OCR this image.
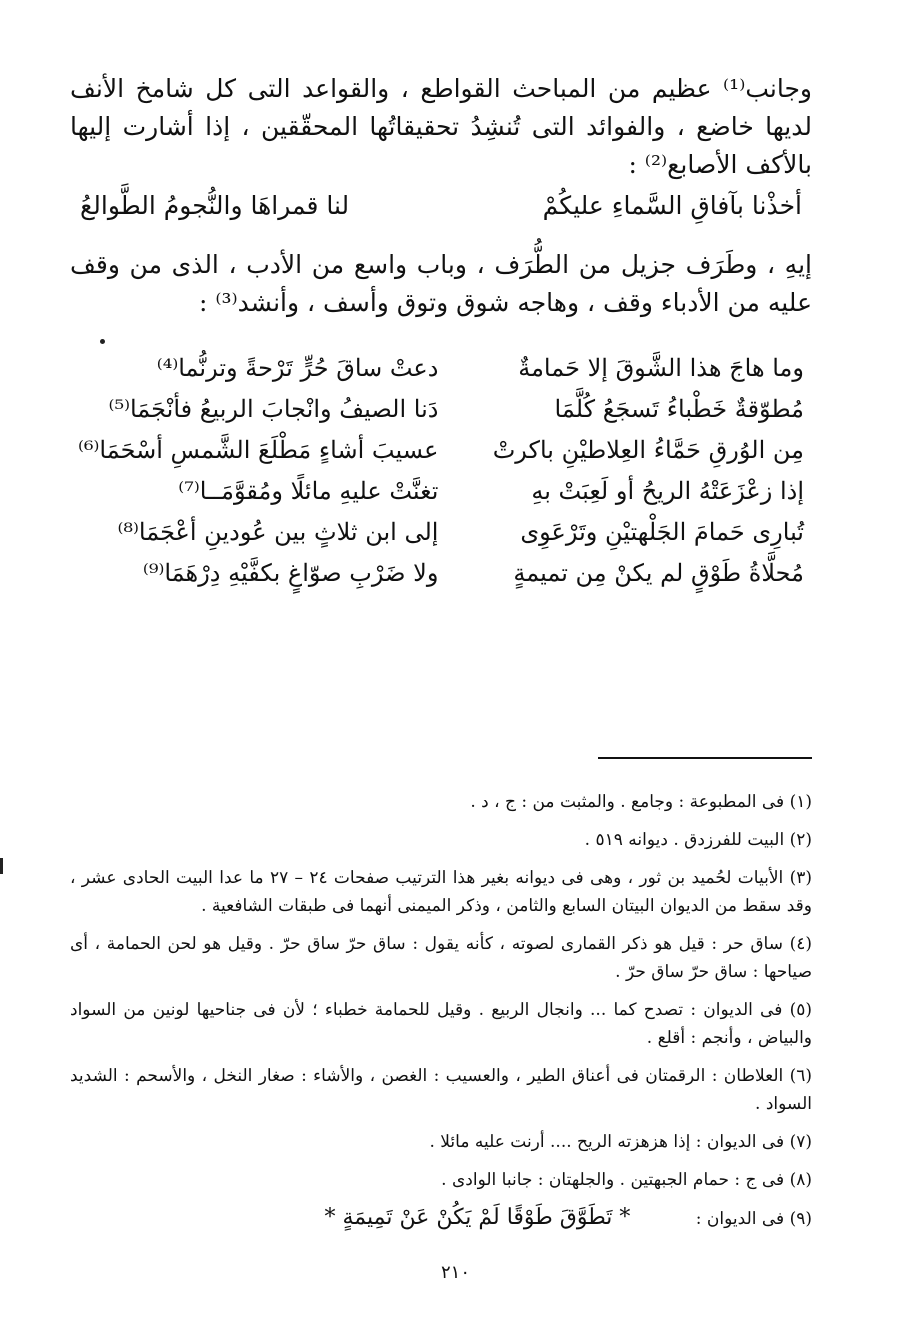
وجانب⁽¹⁾ عظيم من المباحث القواطع ، والقواعد التى كل شامخ الأنف لديها خاضع ، والفوائد التى تُنشِدُ تحقيقاتُها المحقّقين ، إذا أشارت إليها بالأكف الأصابع⁽²⁾ :

أخذْنا بآفاقِ السَّماءِ عليكُمْ
لنا قمراهَا والنُّجومُ الطَّوالعُ

إيهِ ، وطَرَف جزيل من الطُّرَف ، وباب واسع من الأدب ، الذى من وقف عليه من الأدباء وقف ، وهاجه شوق وتوق وأسف ، وأنشد⁽³⁾ :

وما هاجَ هذا الشَّوقَ إلا حَمامةٌ
دعتْ ساقَ حُرٍّ تَرْحةً وترنُّما⁽⁴⁾
مُطوّقةٌ خَطْباءُ تَسجَعُ كُلَّمَا
دَنا الصيفُ وانْجابَ الربيعُ فأنْجَمَا⁽⁵⁾
مِن الوُرقِ حَمَّاءُ العِلاطيْنِ باكرتْ
عسيبَ أشاءٍ مَطْلَعَ الشَّمسِ أسْحَمَا⁽⁶⁾
إذا زعْزَعَتْهُ الريحُ أو لَعِبَتْ بهِ
تغنَّتْ عليهِ مائلًا ومُقوَّمَــا⁽⁷⁾
تُبارِى حَمامَ الجَلْهتيْنِ وتَرْعَوِى
إلى ابن ثلاثٍ بين عُودينِ أعْجَمَا⁽⁸⁾
مُحلَّاةُ طَوْقٍ لم يكنْ مِن تميمةٍ
ولا ضَرْبِ صوّاغٍ بكفَّيْهِ دِرْهَمَا⁽⁹⁾

(١) فى المطبوعة : وجامع . والمثبت من : ج ، د .

(٢) البيت للفرزدق . ديوانه ٥١٩ .

(٣) الأبيات لحُميد بن ثور ، وهى فى ديوانه بغير هذا الترتيب صفحات ٢٤ – ٢٧ ما عدا البيت الحادى عشر ، وقد سقط من الديوان البيتان السابع والثامن ، وذكر الميمنى أنهما فى طبقات الشافعية .

(٤) ساق حر : قيل هو ذكر القمارى لصوته ، كأنه يقول : ساق حرّ ساق حرّ . وقيل هو لحن الحمامة ، أى صياحها : ساق حرّ ساق حرّ .

(٥) فى الديوان : تصدح كما ... وانجال الربيع . وقيل للحمامة خطباء ؛ لأن فى جناحيها لونين من السواد والبياض ، وأنجم : أقلع .

(٦) العلاطان : الرقمتان فى أعناق الطير ، والعسيب : الغصن ، والأشاء : صغار النخل ، والأسحم : الشديد السواد .

(٧) فى الديوان : إذا هزهزته الريح .... أرنت عليه مائلا .

(٨) فى ج : حمام الجبهتين . والجلهتان : جانبا الوادى .

(٩) فى الديوان : * تَطَوَّقَ طَوْقًا لَمْ يَكُنْ عَنْ تَمِيمَةٍ *

٢١٠
